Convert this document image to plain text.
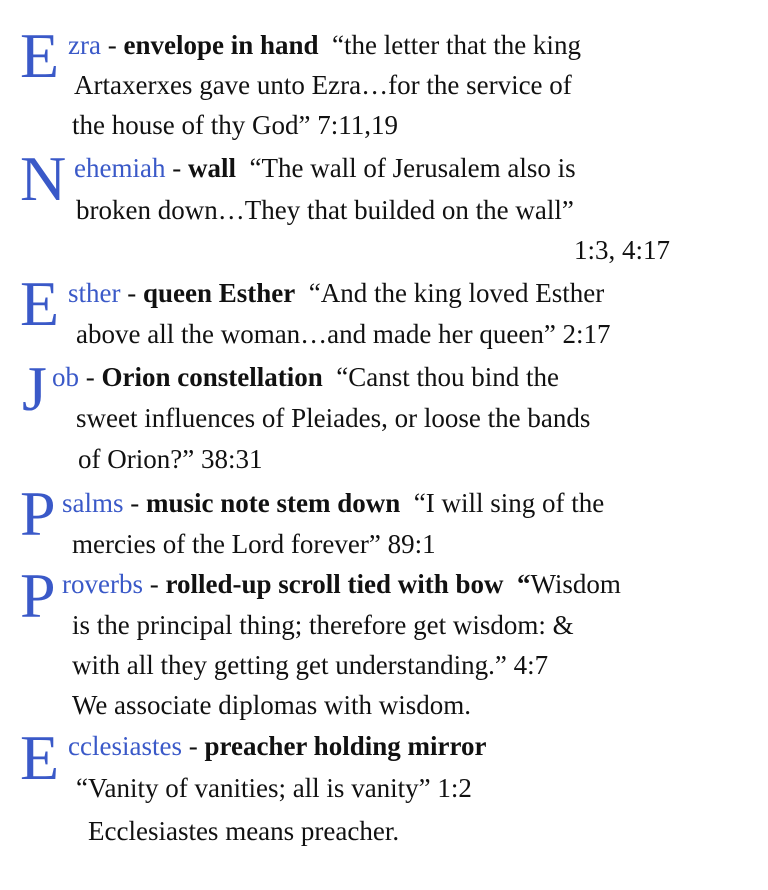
E zra - envelope in hand “the letter that the king
Artaxerxes gave unto Ezra…for the service of
the house of thy God” 7:11,19
N ehemiah - wall “The wall of Jerusalem also is
broken down…They that builded on the wall”
1:3, 4:17
E sther - queen Esther “And the king loved Esther
above all the woman…and made her queen” 2:17
J ob - Orion constellation “Canst thou bind the
sweet influences of Pleiades, or loose the bands
of Orion?” 38:31
P salms - music note stem down “I will sing of the
mercies of the Lord forever” 89:1
P roverbs - rolled-up scroll tied with bow “Wisdom
is the principal thing; therefore get wisdom: &
with all they getting get understanding.” 4:7
We associate diplomas with wisdom.
E cclesiastes - preacher holding mirror
“Vanity of vanities; all is vanity” 1:2
Ecclesiastes means preacher.
